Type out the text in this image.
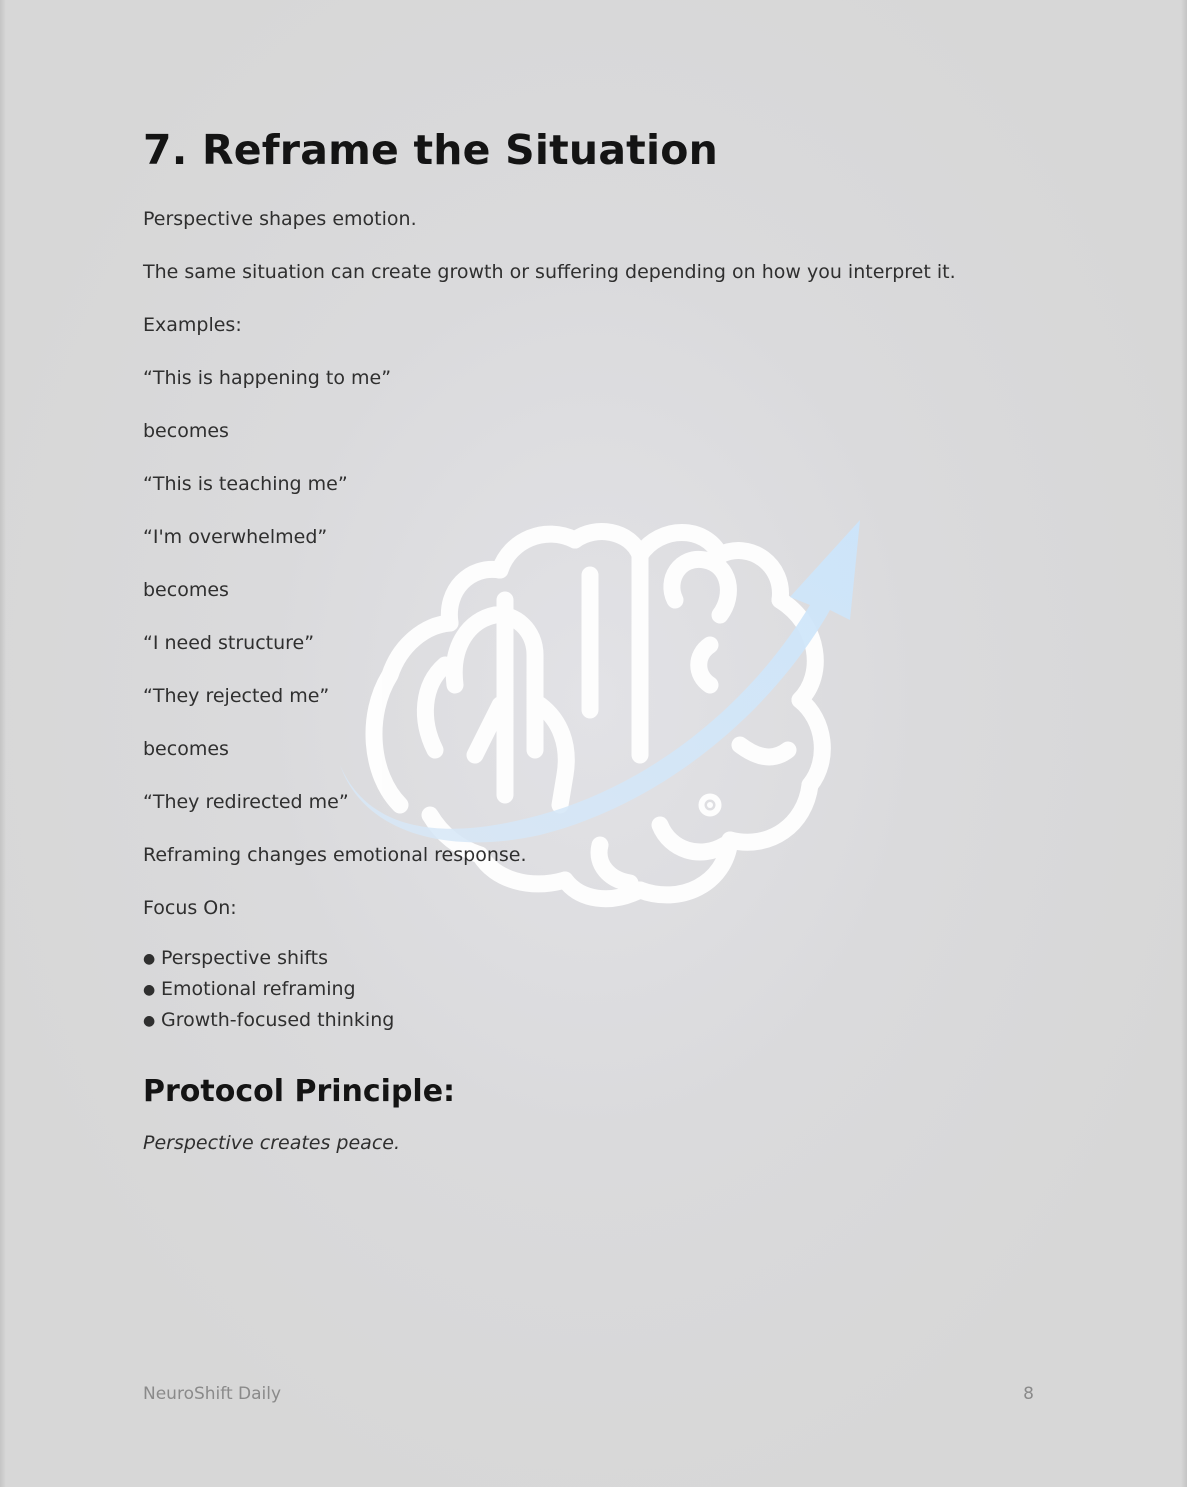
7. Reframe the Situation

Perspective shapes emotion.

The same situation can create growth or suffering depending on how you interpret it.

Examples:

“This is happening to me”

becomes

“This is teaching me”

“I'm overwhelmed”

becomes

“I need structure”

“They rejected me”

becomes

“They redirected me”

Reframing changes emotional response.

Focus On:

● Perspective shifts
● Emotional reframing
● Growth-focused thinking
Protocol Principle:

Perspective creates peace.

NeuroShift Daily	8
